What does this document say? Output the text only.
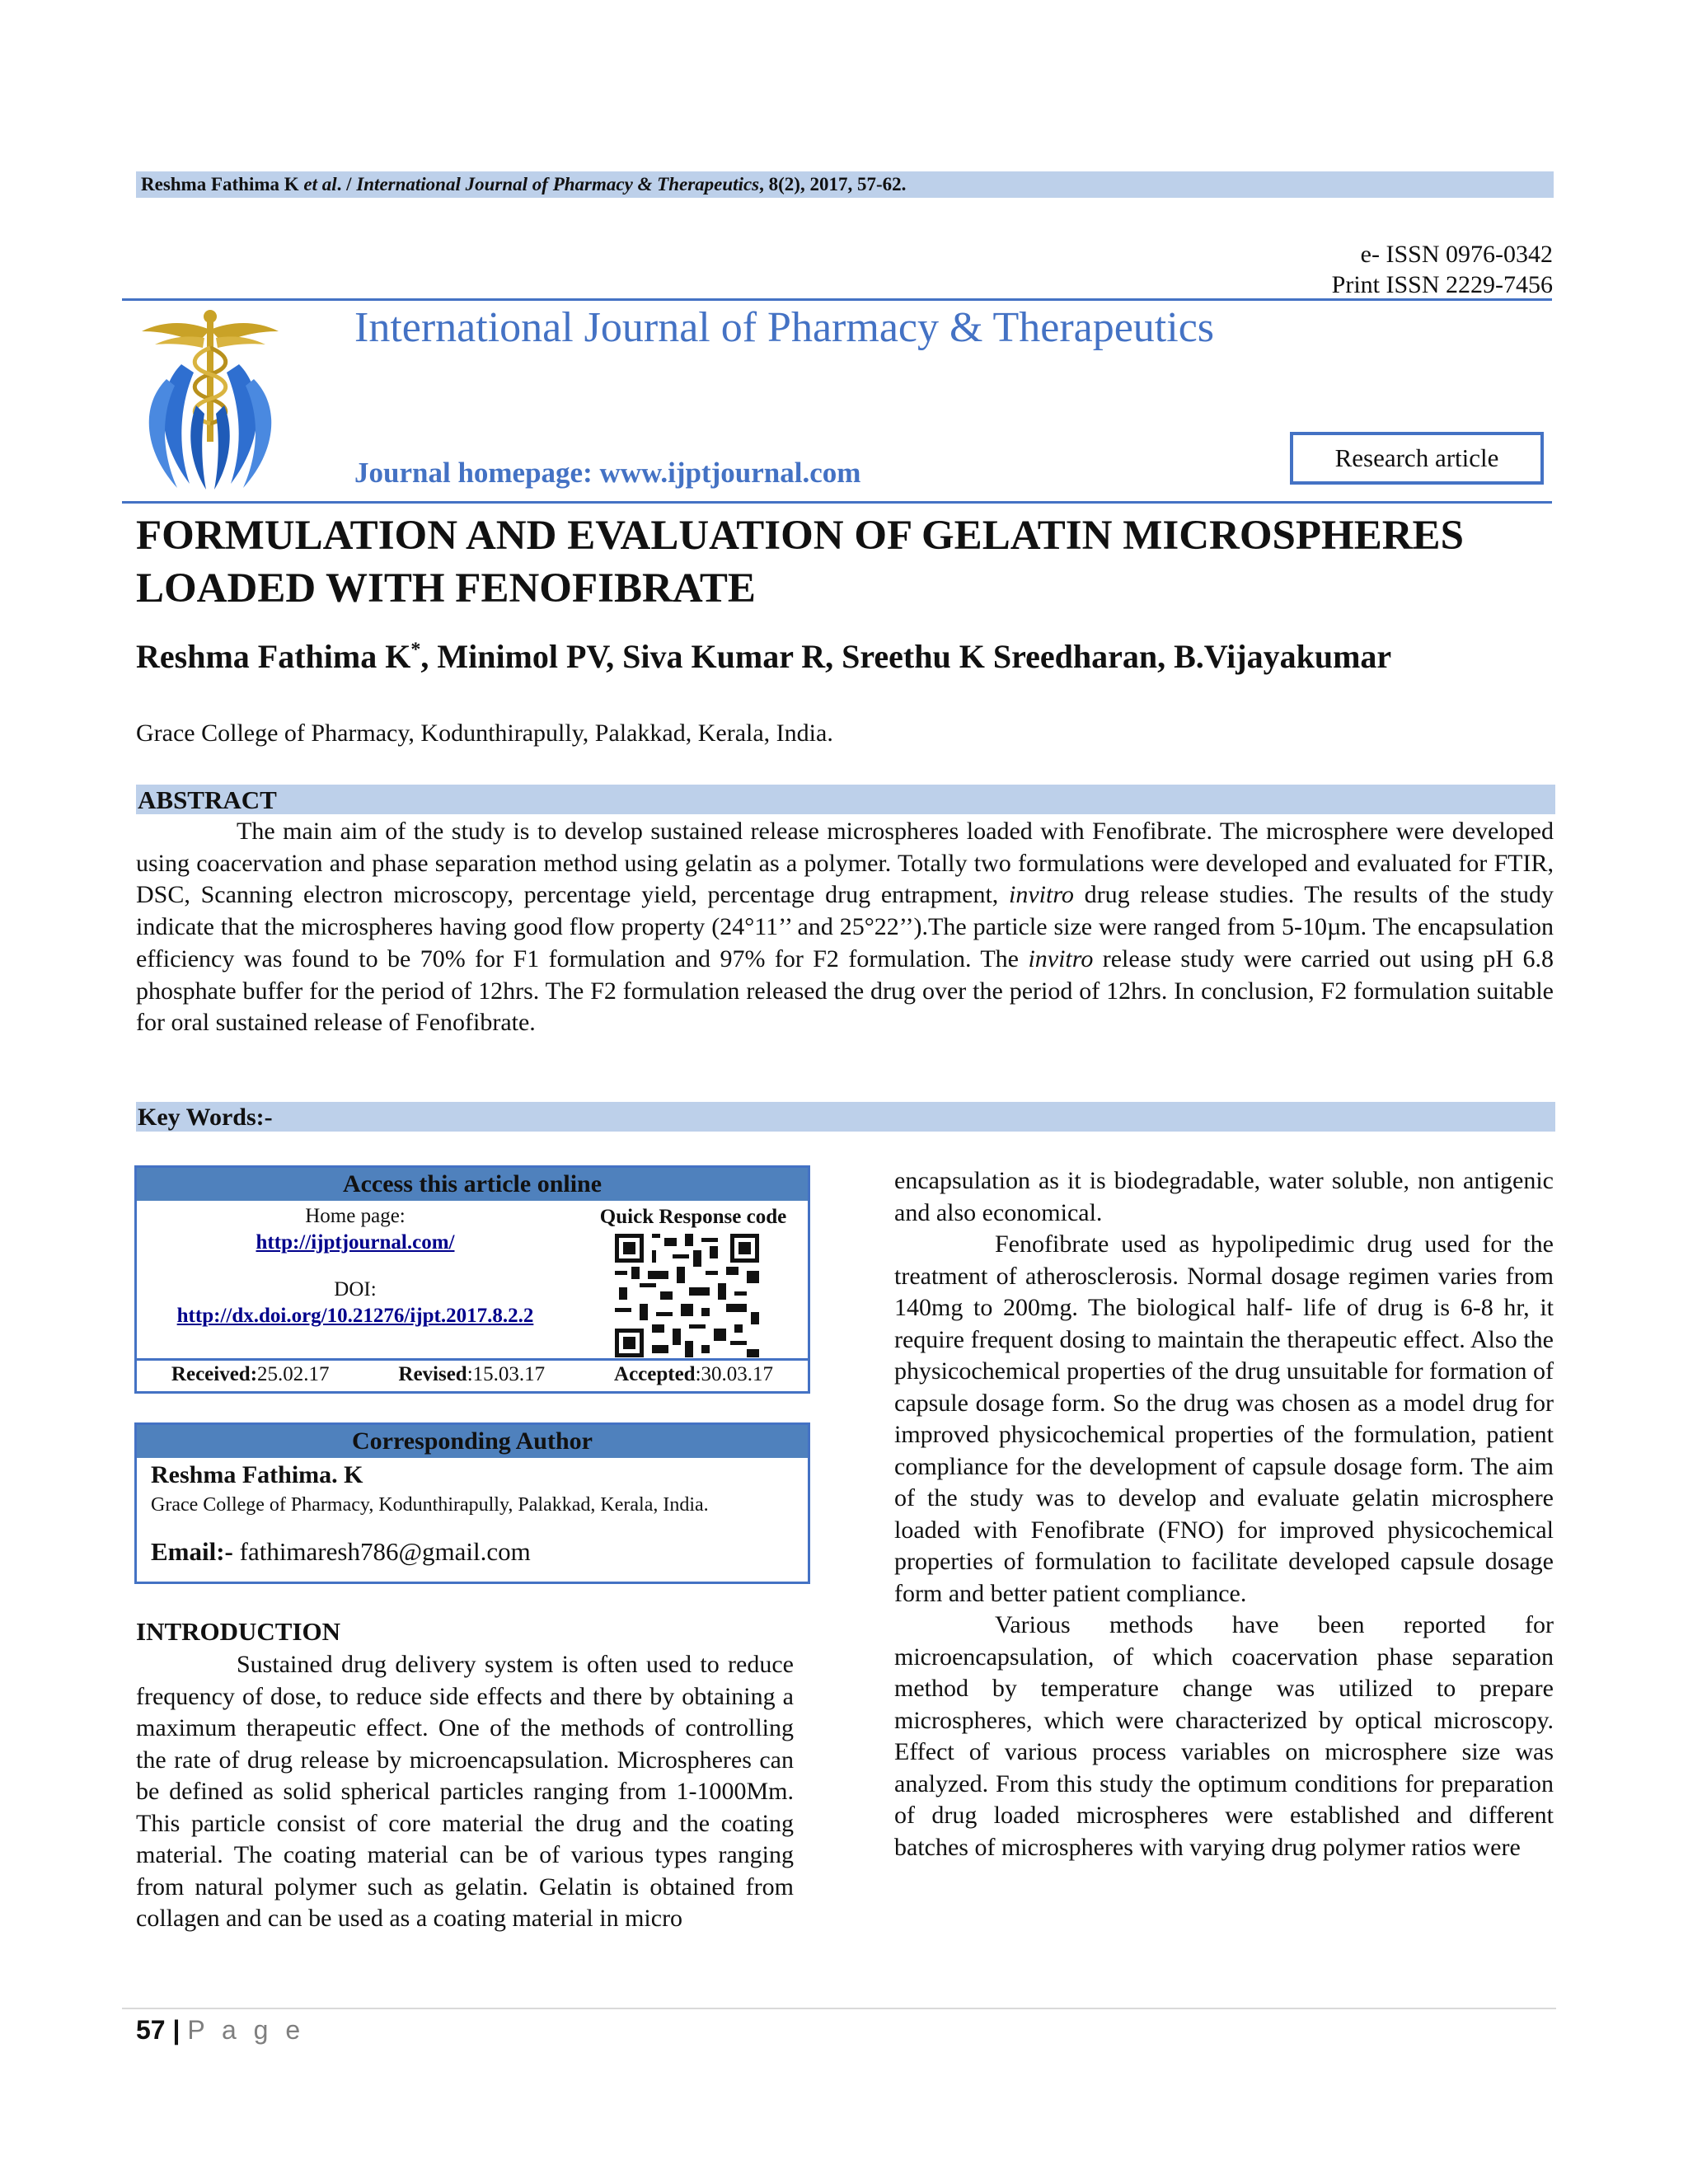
Reshma Fathima K et al. / International Journal of Pharmacy & Therapeutics, 8(2), 2017, 57-62.
e- ISSN 0976-0342
Print ISSN 2229-7456
International Journal of Pharmacy & Therapeutics
Journal homepage: www.ijptjournal.com	Research article
FORMULATION AND EVALUATION OF GELATIN MICROSPHERES LOADED WITH FENOFIBRATE
Reshma Fathima K*, Minimol PV, Siva Kumar R, Sreethu K Sreedharan, B.Vijayakumar
Grace College of Pharmacy, Kodunthirapully, Palakkad, Kerala, India.
ABSTRACT
The main aim of the study is to develop sustained release microspheres loaded with Fenofibrate. The microsphere were developed using coacervation and phase separation method using gelatin as a polymer. Totally two formulations were developed and evaluated for FTIR, DSC, Scanning electron microscopy, percentage yield, percentage drug entrapment, invitro drug release studies. The results of the study indicate that the microspheres having good flow property (24°11’’ and 25°22’’).The particle size were ranged from 5-10µm. The encapsulation efficiency was found to be 70% for F1 formulation and 97% for F2 formulation. The invitro release study were carried out using pH 6.8 phosphate buffer for the period of 12hrs. The F2 formulation released the drug over the period of 12hrs. In conclusion, F2 formulation suitable for oral sustained release of Fenofibrate.
Key Words:-
Access this article online
Home page:
http://ijptjournal.com/
DOI:
http://dx.doi.org/10.21276/ijpt.2017.8.2.2
Quick Response code
Received:25.02.17	Revised:15.03.17	Accepted:30.03.17
Corresponding Author
Reshma Fathima. K
Grace College of Pharmacy, Kodunthirapully, Palakkad, Kerala, India.
Email:- fathimaresh786@gmail.com
INTRODUCTION
Sustained drug delivery system is often used to reduce frequency of dose, to reduce side effects and there by obtaining a maximum therapeutic effect. One of the methods of controlling the rate of drug release by microencapsulation. Microspheres can be defined as solid spherical particles ranging from 1-1000Mm. This particle consist of core material the drug and the coating material. The coating material can be of various types ranging from natural polymer such as gelatin. Gelatin is obtained from collagen and can be used as a coating material in micro
encapsulation as it is biodegradable, water soluble, non antigenic and also economical.
Fenofibrate used as hypolipedimic drug used for the treatment of atherosclerosis. Normal dosage regimen varies from 140mg to 200mg. The biological half- life of drug is 6-8 hr, it require frequent dosing to maintain the therapeutic effect. Also the physicochemical properties of the drug unsuitable for formation of capsule dosage form. So the drug was chosen as a model drug for improved physicochemical properties of the formulation, patient compliance for the development of capsule dosage form. The aim of the study was to develop and evaluate gelatin microsphere loaded with Fenofibrate (FNO) for improved physicochemical properties of formulation to facilitate developed capsule dosage form and better patient compliance.
Various methods have been reported for microencapsulation, of which coacervation phase separation method by temperature change was utilized to prepare microspheres, which were characterized by optical microscopy. Effect of various process variables on microsphere size was analyzed. From this study the optimum conditions for preparation of drug loaded microspheres were established and different batches of microspheres with varying drug polymer ratios were
57 | P a g e
